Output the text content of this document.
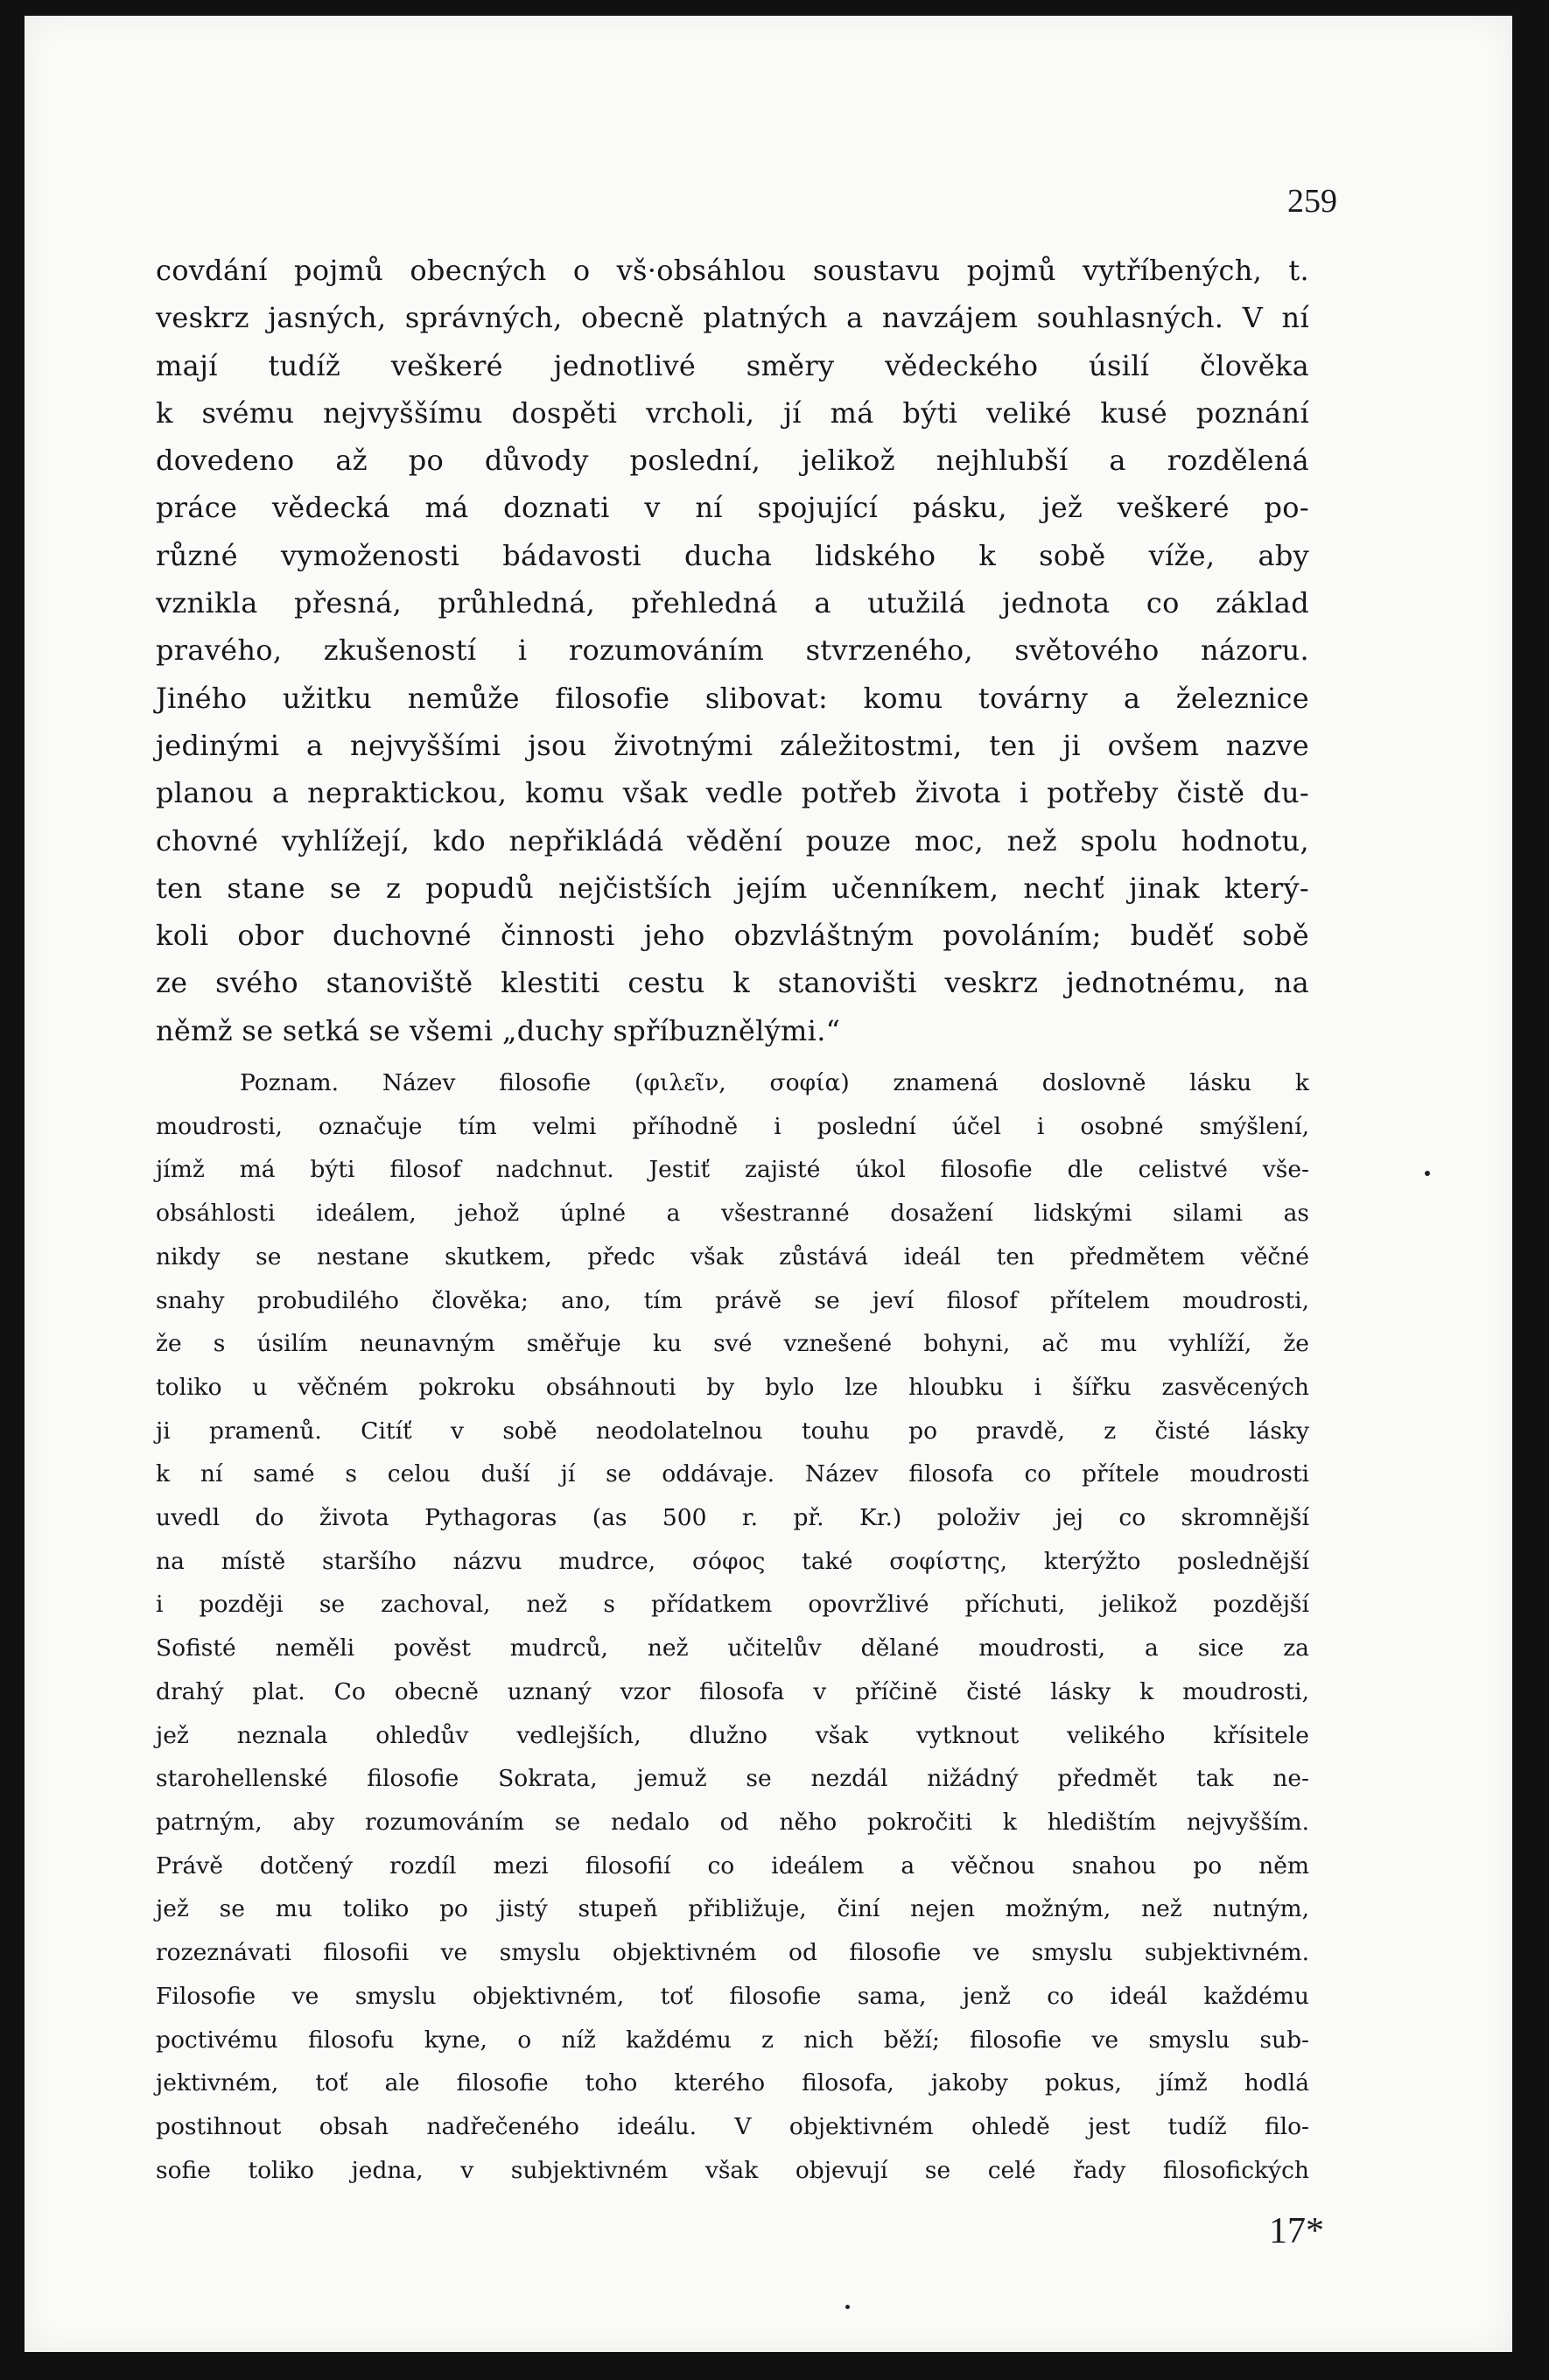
259

17*

covdání pojmů obecných o vš·obsáhlou soustavu pojmů vytříbených, t.
veskrz jasných, správných, obecně platných a navzájem souhlasných. V ní
mají tudíž veškeré jednotlivé směry vědeckého úsilí člověka
k svému nejvyššímu dospěti vrcholi, jí má býti veliké kusé poznání
dovedeno až po důvody poslední, jelikož nejhlubší a rozdělená
práce vědecká má doznati v ní spojující pásku, jež veškeré po-
různé vymoženosti bádavosti ducha lidského k sobě víže, aby
vznikla přesná, průhledná, přehledná a utužilá jednota co základ
pravého, zkušeností i rozumováním stvrzeného, světového názoru.
Jiného užitku nemůže filosofie slibovat: komu továrny a železnice
jedinými a nejvyššími jsou životnými záležitostmi, ten ji ovšem nazve
planou a nepraktickou, komu však vedle potřeb života i potřeby čistě du-
chovné vyhlížejí, kdo nepřikládá vědění pouze moc, než spolu hodnotu,
ten stane se z popudů nejčistších jejím učenníkem, nechť jinak který-
koli obor duchovné činnosti jeho obzvláštným povoláním; buděť sobě
ze svého stanoviště klestiti cestu k stanovišti veskrz jednotnému, na
němž se setká se všemi „duchy spříbuznělými.“
Poznam. Název filosofie (φιλεῖν, σοφία) znamená doslovně lásku k
moudrosti, označuje tím velmi příhodně i poslední účel i osobné smýšlení,
jímž má býti filosof nadchnut. Jestiť zajisté úkol filosofie dle celistvé vše-
obsáhlosti ideálem, jehož úplné a všestranné dosažení lidskými silami as
nikdy se nestane skutkem, předc však zůstává ideál ten předmětem věčné
snahy probudilého člověka; ano, tím právě se jeví filosof přítelem moudrosti,
že s úsilím neunavným směřuje ku své vznešené bohyni, ač mu vyhlíží, že
toliko u věčném pokroku obsáhnouti by bylo lze hloubku i šířku zasvěcených
ji pramenů. Citíť v sobě neodolatelnou touhu po pravdě, z čisté lásky
k ní samé s celou duší jí se oddávaje. Název filosofa co přítele moudrosti
uvedl do života Pythagoras (as 500 r. př. Kr.) položiv jej co skromnější
na místě staršího názvu mudrce, σόφος také σοφίστης, kterýžto poslednější
i později se zachoval, než s přídatkem opovržlivé příchuti, jelikož pozdější
Sofisté neměli pověst mudrců, než učitelův dělané moudrosti, a sice za
drahý plat. Co obecně uznaný vzor filosofa v příčině čisté lásky k moudrosti,
jež neznala ohledův vedlejších, dlužno však vytknout velikého křísitele
starohellenské filosofie Sokrata, jemuž se nezdál nižádný předmět tak ne-
patrným, aby rozumováním se nedalo od něho pokročiti k hledištím nejvyšším.
Právě dotčený rozdíl mezi filosofií co ideálem a věčnou snahou po něm
jež se mu toliko po jistý stupeň přibližuje, činí nejen možným, než nutným,
rozeznávati filosofii ve smyslu objektivném od filosofie ve smyslu subjektivném.
Filosofie ve smyslu objektivném, toť filosofie sama, jenž co ideál každému
poctivému filosofu kyne, o níž každému z nich běží; filosofie ve smyslu sub-
jektivném, toť ale filosofie toho kterého filosofa, jakoby pokus, jímž hodlá
postihnout obsah nadřečeného ideálu. V objektivném ohledě jest tudíž filo-
sofie toliko jedna, v subjektivném však objevují se celé řady filosofických
